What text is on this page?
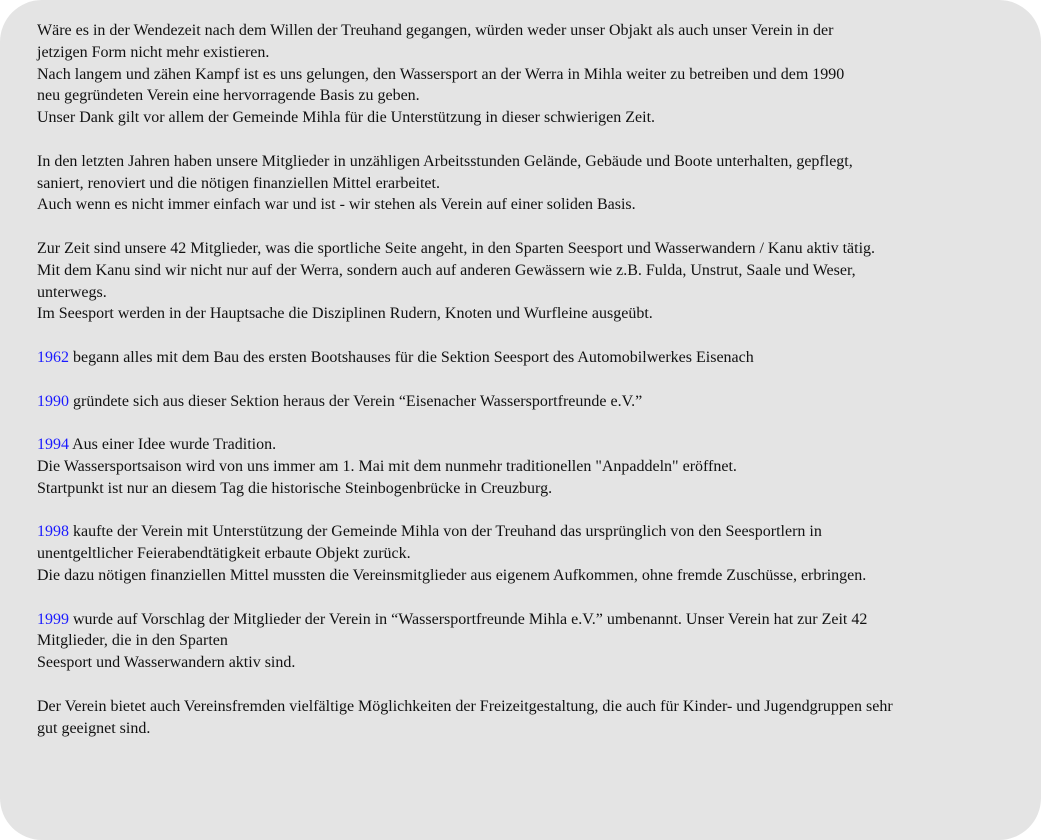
Wäre es in der Wendezeit nach dem Willen der Treuhand gegangen, würden weder unser Objakt als auch unser Verein in der
jetzigen Form nicht mehr existieren.
Nach langem und zähen Kampf ist es uns gelungen, den Wassersport an der Werra in Mihla weiter zu betreiben und dem 1990
neu gegründeten Verein eine hervorragende Basis zu geben.
Unser Dank gilt vor allem der Gemeinde Mihla für die Unterstützung in dieser schwierigen Zeit.
In den letzten Jahren haben unsere Mitglieder in unzähligen Arbeitsstunden Gelände, Gebäude und Boote unterhalten, gepflegt,
saniert, renoviert und die nötigen finanziellen Mittel erarbeitet.
Auch wenn es nicht immer einfach war und ist - wir stehen als Verein auf einer soliden Basis.
Zur Zeit sind unsere 42 Mitglieder, was die sportliche Seite angeht, in den Sparten Seesport und Wasserwandern / Kanu aktiv tätig.
Mit dem Kanu sind wir nicht nur auf der Werra, sondern auch auf anderen Gewässern wie z.B. Fulda, Unstrut, Saale und Weser,
unterwegs.
Im Seesport werden in der Hauptsache die Disziplinen Rudern, Knoten und Wurfleine ausgeübt.
1962 begann alles mit dem Bau des ersten Bootshauses für die Sektion Seesport des Automobilwerkes Eisenach
1990 gründete sich aus dieser Sektion heraus der Verein “Eisenacher Wassersportfreunde e.V.”
1994 Aus einer Idee wurde Tradition.
Die Wassersportsaison wird von uns immer am 1. Mai mit dem nunmehr traditionellen "Anpaddeln" eröffnet.
Startpunkt ist nur an diesem Tag die historische Steinbogenbrücke in Creuzburg.
1998 kaufte der Verein mit Unterstützung der Gemeinde Mihla von der Treuhand das ursprünglich von den Seesportlern in
unentgeltlicher Feierabendtätigkeit erbaute Objekt zurück.
Die dazu nötigen finanziellen Mittel mussten die Vereinsmitglieder aus eigenem Aufkommen, ohne fremde Zuschüsse, erbringen.
1999 wurde auf Vorschlag der Mitglieder der Verein in “Wassersportfreunde Mihla e.V.” umbenannt. Unser Verein hat zur Zeit 42
Mitglieder, die in den Sparten
Seesport und Wasserwandern aktiv sind.
Der Verein bietet auch Vereinsfremden vielfältige Möglichkeiten der Freizeitgestaltung, die auch für Kinder- und Jugendgruppen sehr
gut geeignet sind.
